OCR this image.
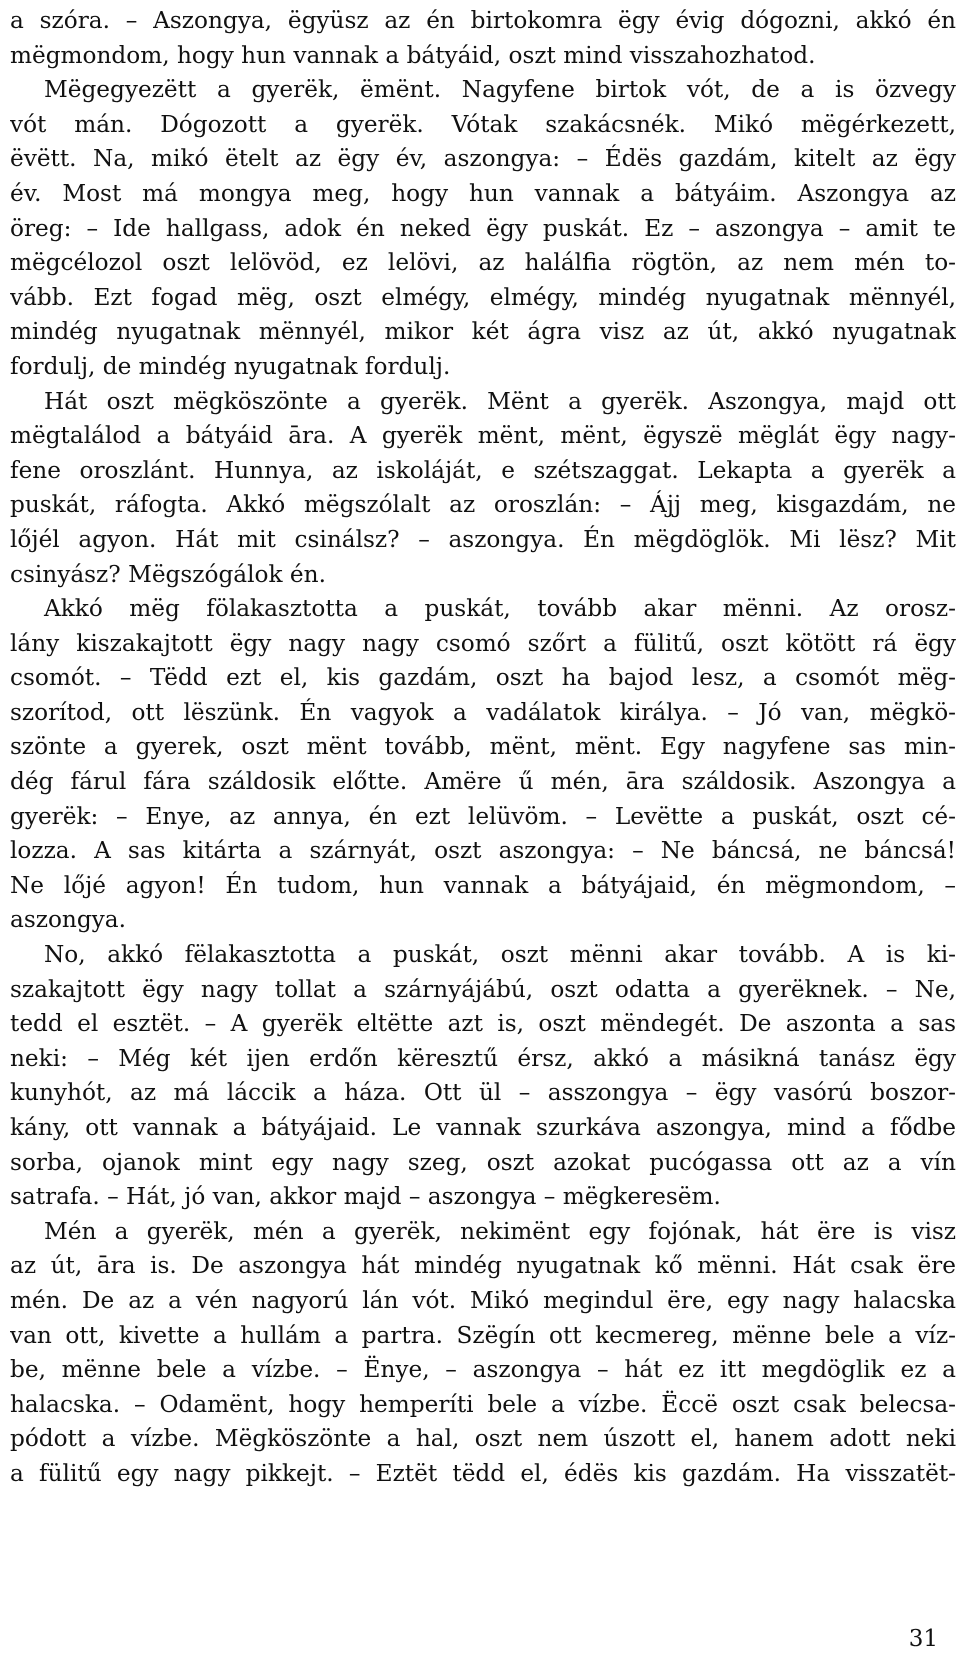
a szóra. – Aszongya, ëgyüsz az én birtokomra ëgy évig dógozni, akkó én
mëgmondom, hogy hun vannak a bátyáid, oszt mind visszahozhatod.
Mëgegyezëtt a gyerëk, ëmënt. Nagyfene birtok vót, de a is özvegy
vót mán. Dógozott a gyerëk. Vótak szakácsnék. Mikó mëgérkezett,
ëvëtt. Na, mikó ëtelt az ëgy év, aszongya: – Édës gazdám, kitelt az ëgy
év. Most má mongya meg, hogy hun vannak a bátyáim. Aszongya az
öreg: – Ide hallgass, adok én neked ëgy puskát. Ez – aszongya – amit te
mëgcélozol oszt lelövöd, ez lelövi, az halálfia rögtön, az nem mén to-
vább. Ezt fogad mëg, oszt elmégy, elmégy, mindég nyugatnak mënnyél,
mindég nyugatnak mënnyél, mikor két ágra visz az út, akkó nyugatnak
fordulj, de mindég nyugatnak fordulj.
Hát oszt mëgköszönte a gyerëk. Mënt a gyerëk. Aszongya, majd ott
mëgtalálod a bátyáid āra. A gyerëk mënt, mënt, ëgyszë mëglát ëgy nagy-
fene oroszlánt. Hunnya, az iskoláját, e szétszaggat. Lekapta a gyerëk a
puskát, ráfogta. Akkó mëgszólalt az oroszlán: – Ájj meg, kisgazdám, ne
lőjél agyon. Hát mit csinálsz? – aszongya. Én mëgdöglök. Mi lësz? Mit
csinyász? Mëgszógálok én.
Akkó mëg fölakasztotta a puskát, tovább akar mënni. Az orosz-
lány kiszakajtott ëgy nagy nagy csomó szőrt a fülitű, oszt kötött rá ëgy
csomót. – Tëdd ezt el, kis gazdám, oszt ha bajod lesz, a csomót mëg-
szorítod, ott lëszünk. Én vagyok a vadálatok királya. – Jó van, mëgkö-
szönte a gyerek, oszt mënt tovább, mënt, mënt. Egy nagyfene sas min-
dég fárul fára száldosik előtte. Amëre ű mén, āra száldosik. Aszongya a
gyerëk: – Enye, az annya, én ezt lelüvöm. – Levëtte a puskát, oszt cé-
lozza. A sas kitárta a szárnyát, oszt aszongya: – Ne báncsá, ne báncsá!
Ne lőjé agyon! Én tudom, hun vannak a bátyájaid, én mëgmondom, –
aszongya.
No, akkó fëlakasztotta a puskát, oszt mënni akar tovább. A is ki-
szakajtott ëgy nagy tollat a szárnyájábú, oszt odatta a gyerëknek. – Ne,
tedd el esztët. – A gyerëk eltëtte azt is, oszt mëndegét. De aszonta a sas
neki: – Még két ijen erdőn këresztű érsz, akkó a másikná tanász ëgy
kunyhót, az má láccik a háza. Ott ül – asszongya – ëgy vasórú boszor-
kány, ott vannak a bátyájaid. Le vannak szurkáva aszongya, mind a fődbe
sorba, ojanok mint egy nagy szeg, oszt azokat pucógassa ott az a vín
satrafa. – Hát, jó van, akkor majd – aszongya – mëgkeresëm.
Mén a gyerëk, mén a gyerëk, nekimënt egy fojónak, hát ëre is visz
az út, āra is. De aszongya hát mindég nyugatnak kő mënni. Hát csak ëre
mén. De az a vén nagyorú lán vót. Mikó megindul ëre, egy nagy halacska
van ott, kivette a hullám a partra. Szëgín ott kecmereg, mënne bele a víz-
be, mënne bele a vízbe. – Ënye, – aszongya – hát ez itt megdöglik ez a
halacska. – Odamënt, hogy hemperíti bele a vízbe. Ëccë oszt csak belecsa-
pódott a vízbe. Mëgköszönte a hal, oszt nem úszott el, hanem adott neki
a fülitű egy nagy pikkejt. – Eztët tëdd el, édës kis gazdám. Ha visszatët-
31
